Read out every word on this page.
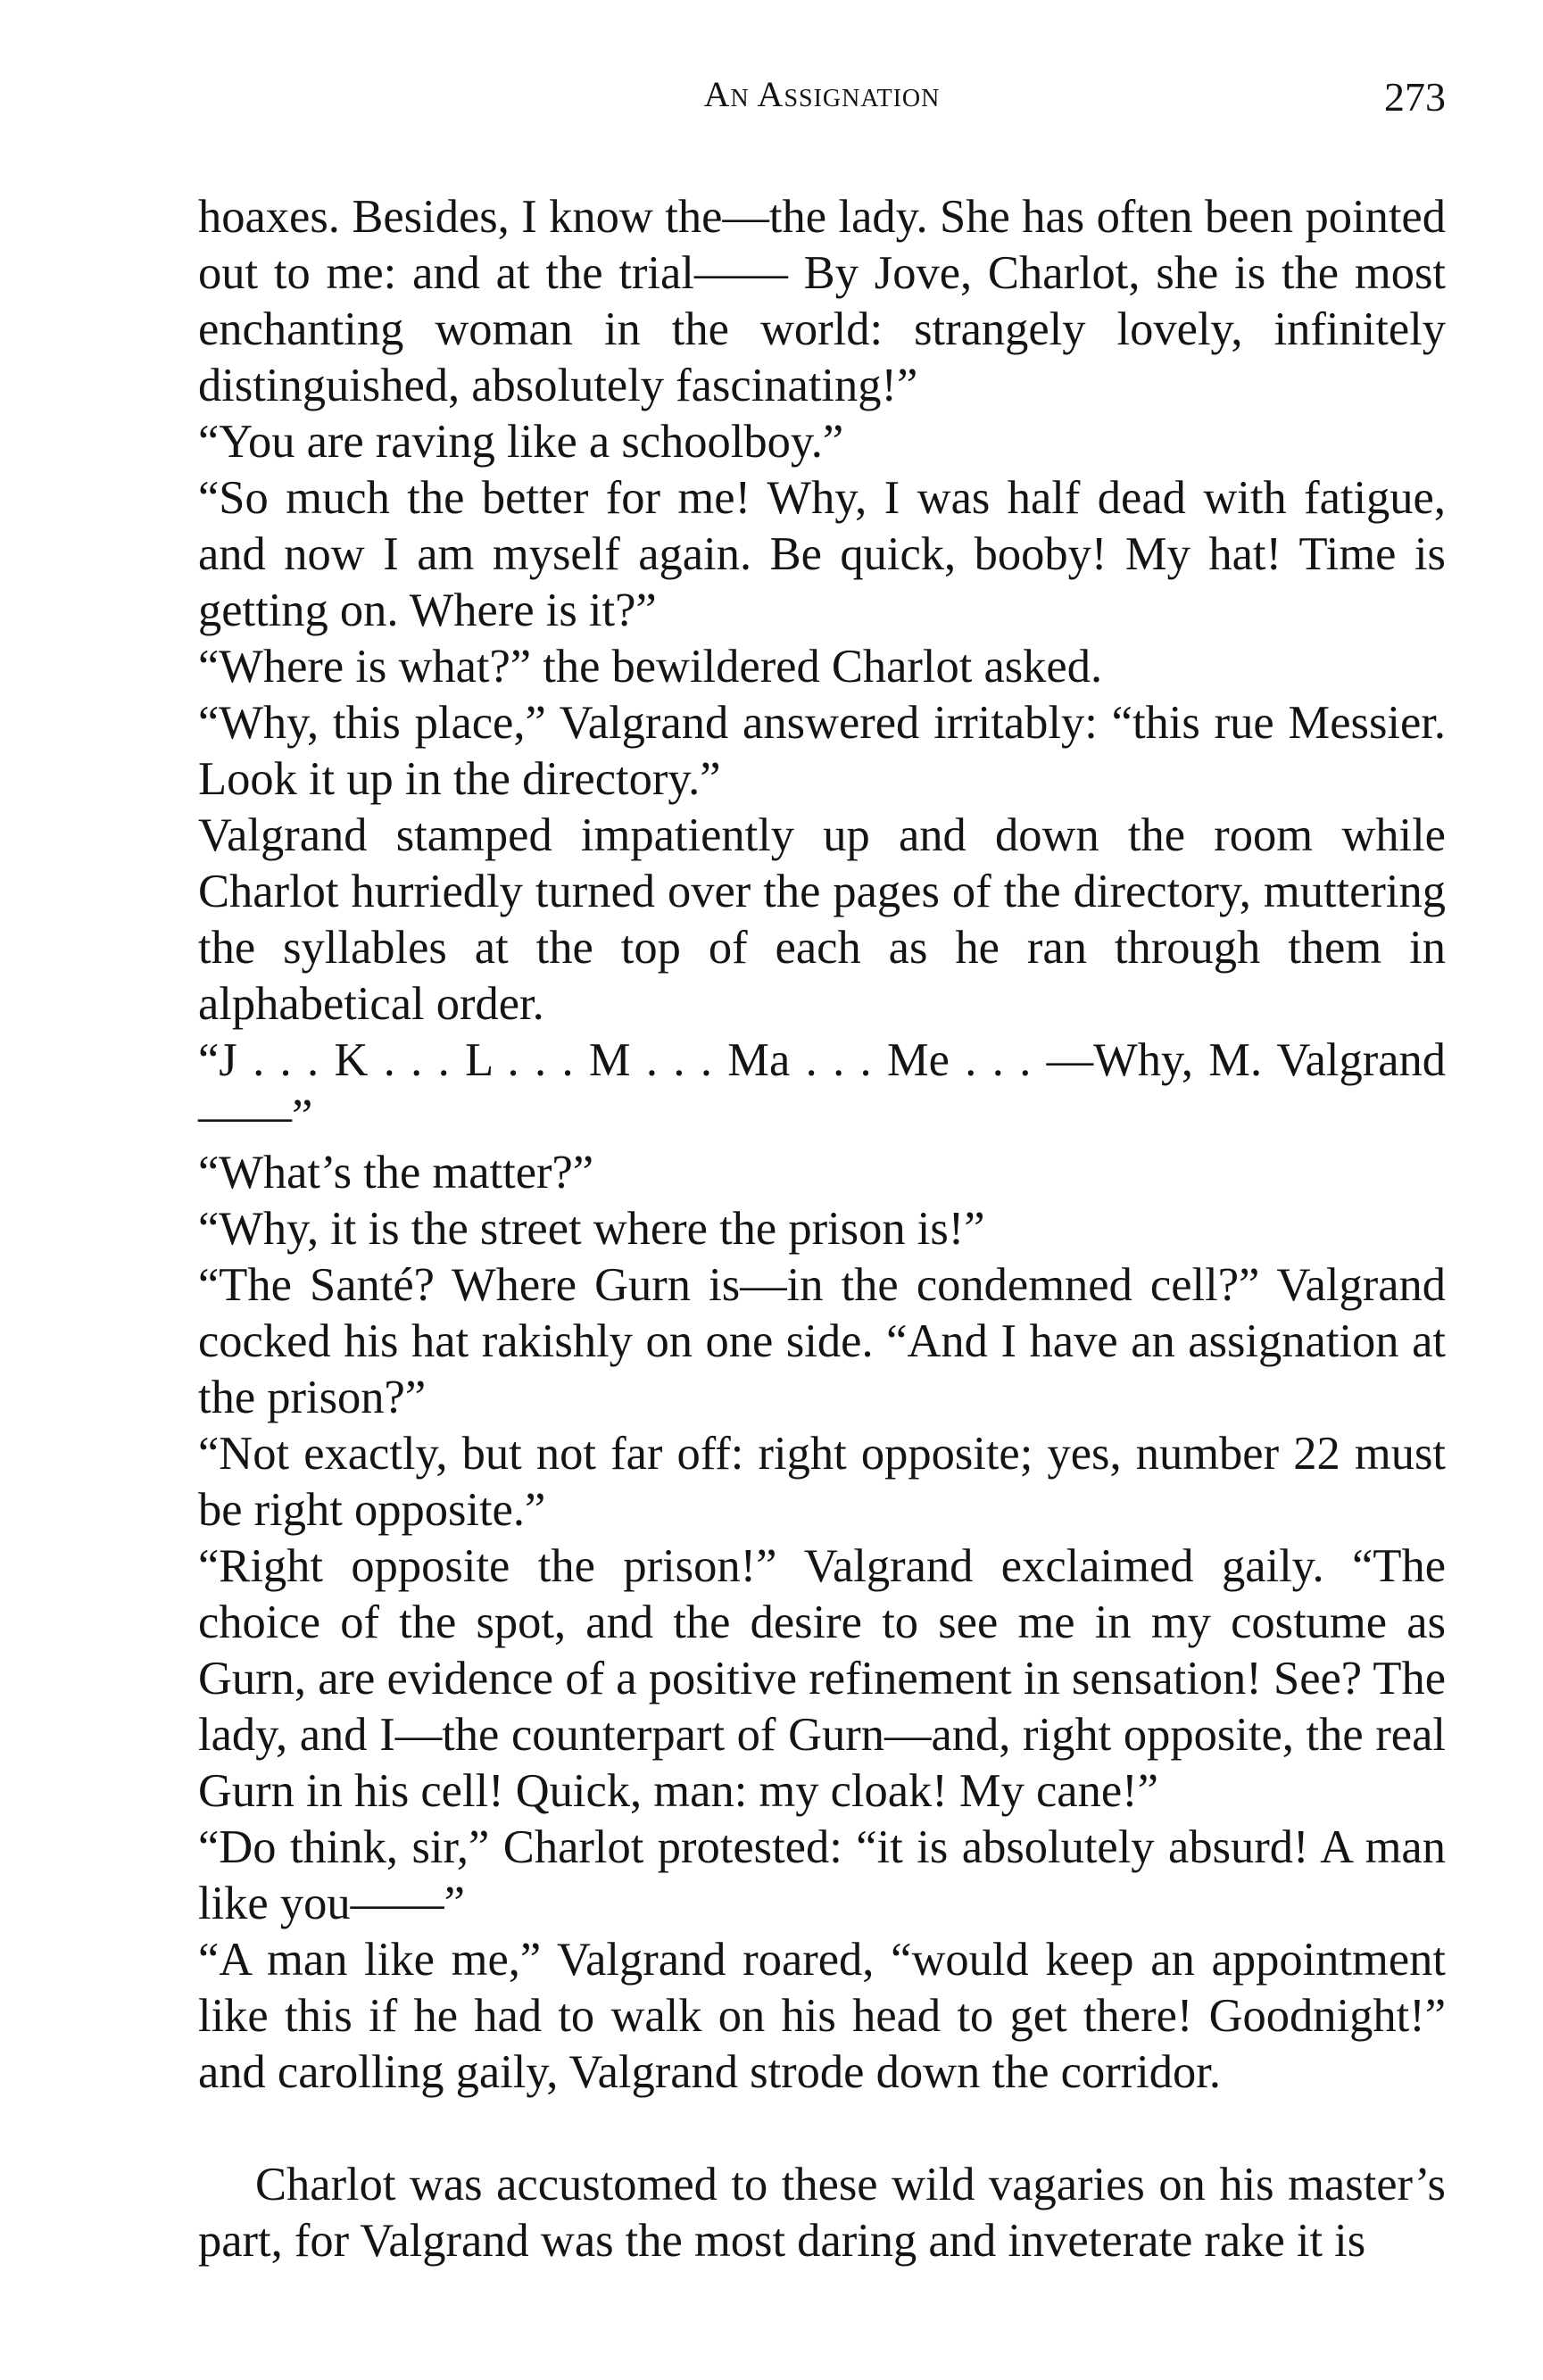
An Assignation	273

hoaxes. Besides, I know the—the lady. She has often been pointed out to me: and at the trial—— By Jove, Charlot, she is the most enchanting woman in the world: strangely lovely, infinitely distinguished, absolutely fascinating!”

“You are raving like a schoolboy.”

“So much the better for me! Why, I was half dead with fatigue, and now I am myself again. Be quick, booby! My hat! Time is getting on. Where is it?”

“Where is what?” the bewildered Charlot asked.

“Why, this place,” Valgrand answered irritably: “this rue Messier. Look it up in the directory.”

Valgrand stamped impatiently up and down the room while Charlot hurriedly turned over the pages of the directory, muttering the syllables at the top of each as he ran through them in alphabetical order.

“J . . . K . . . L . . . M . . . Ma . . . Me . . . —Why, M. Valgrand——”

“What’s the matter?”

“Why, it is the street where the prison is!”

“The Santé? Where Gurn is—in the condemned cell?” Valgrand cocked his hat rakishly on one side. “And I have an assignation at the prison?”

“Not exactly, but not far off: right opposite; yes, number 22 must be right opposite.”

“Right opposite the prison!” Valgrand exclaimed gaily. “The choice of the spot, and the desire to see me in my costume as Gurn, are evidence of a positive refinement in sensation! See? The lady, and I—the counterpart of Gurn—and, right opposite, the real Gurn in his cell! Quick, man: my cloak! My cane!”

“Do think, sir,” Charlot protested: “it is absolutely absurd! A man like you——”

“A man like me,” Valgrand roared, “would keep an appointment like this if he had to walk on his head to get there! Goodnight!” and carolling gaily, Valgrand strode down the corridor.

Charlot was accustomed to these wild vagaries on his master’s part, for Valgrand was the most daring and inveterate rake it is
